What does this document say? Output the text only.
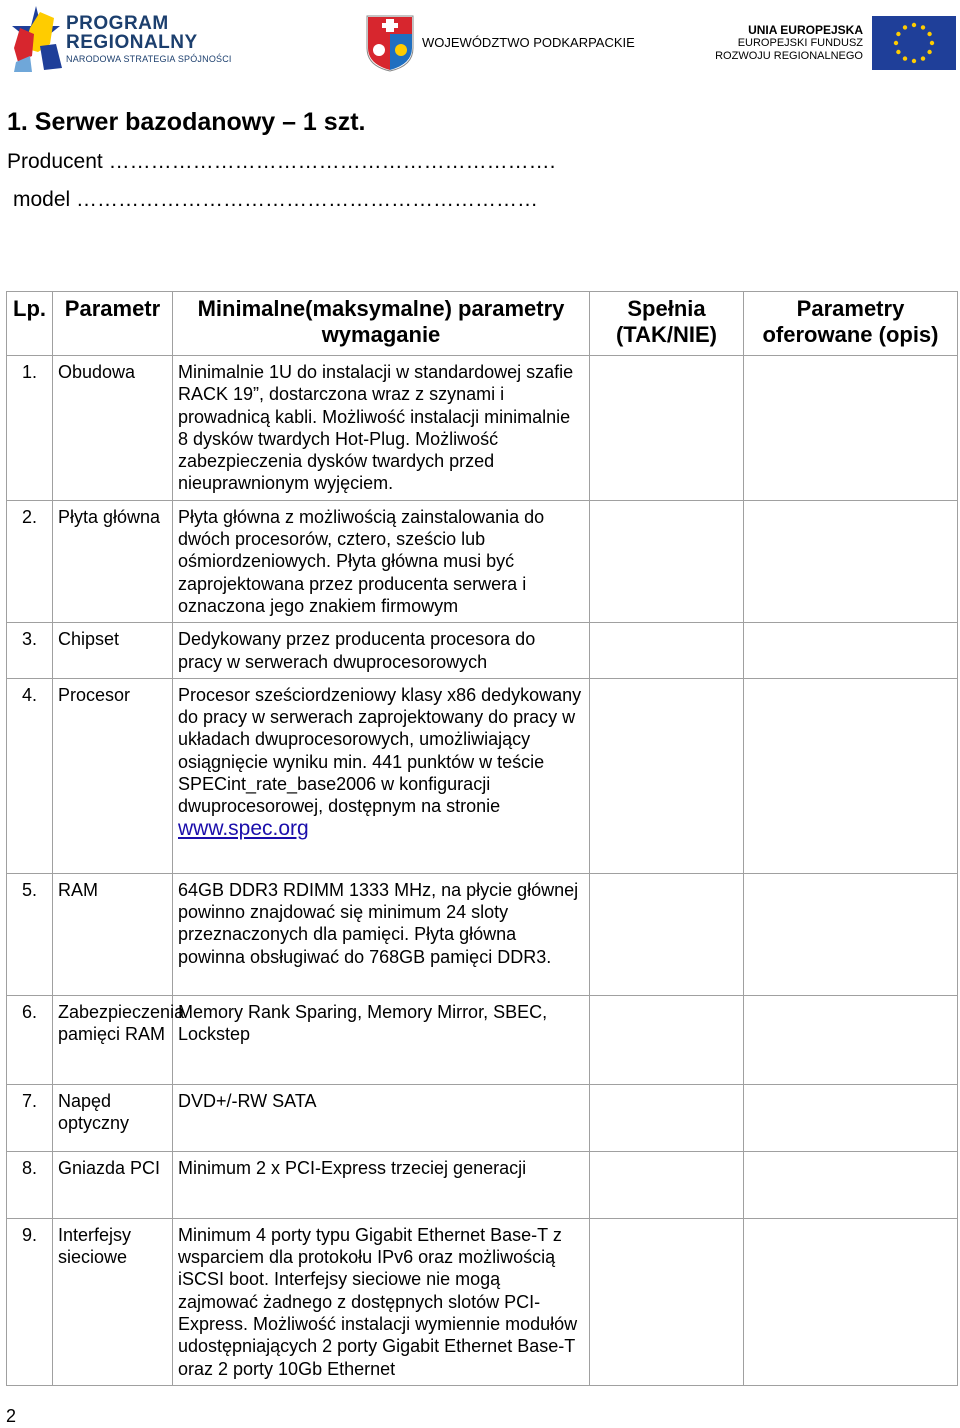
PROGRAM
REGIONALNY
NARODOWA STRATEGIA SPÓJNOŚCI
WOJEWÓDZTWO PODKARPACKIE
UNIA EUROPEJSKA
EUROPEJSKI FUNDUSZ
ROZWOJU REGIONALNEGO
1. Serwer bazodanowy – 1 szt.
Producent ……………………………………………………….
model …………………………………………………………
Lp.	Parametr	Minimalne(maksymalne) parametry wymaganie	Spełnia (TAK/NIE)	Parametry oferowane (opis)
1.	Obudowa	Minimalnie 1U do instalacji w standardowej szafie RACK 19”, dostarczona wraz z szynami i prowadnicą kabli. Możliwość instalacji minimalnie 8 dysków twardych Hot-Plug. Możliwość zabezpieczenia dysków twardych przed nieuprawnionym wyjęciem.		
2.	Płyta główna	Płyta główna z możliwością zainstalowania do dwóch procesorów, cztero, sześcio lub ośmiordzeniowych. Płyta główna musi być zaprojektowana przez producenta serwera i oznaczona jego znakiem firmowym		
3.	Chipset	Dedykowany przez producenta procesora do pracy w serwerach dwuprocesorowych		
4.	Procesor	Procesor sześciordzeniowy klasy x86 dedykowany do pracy w serwerach zaprojektowany do pracy w układach dwuprocesorowych, umożliwiający osiągnięcie wyniku min. 441 punktów w teście SPECint_rate_base2006 w konfiguracji dwuprocesorowej, dostępnym na stronie
www.spec.org		
5.	RAM	64GB DDR3 RDIMM 1333 MHz, na płycie głównej powinno znajdować się minimum 24 sloty przeznaczonych dla pamięci. Płyta główna powinna obsługiwać do 768GB pamięci DDR3.		
6.	Zabezpieczenia pamięci RAM	Memory Rank Sparing, Memory Mirror, SBEC, Lockstep		
7.	Napęd optyczny	DVD+/-RW SATA		
8.	Gniazda PCI	Minimum 2 x PCI-Express trzeciej generacji		
9.	Interfejsy sieciowe	Minimum 4 porty typu Gigabit Ethernet Base-T z wsparciem dla protokołu IPv6 oraz możliwością iSCSI boot. Interfejsy sieciowe nie mogą zajmować żadnego z dostępnych slotów PCI-Express. Możliwość instalacji wymiennie modułów udostępniających 2 porty Gigabit Ethernet Base-T oraz 2 porty 10Gb Ethernet		
2
